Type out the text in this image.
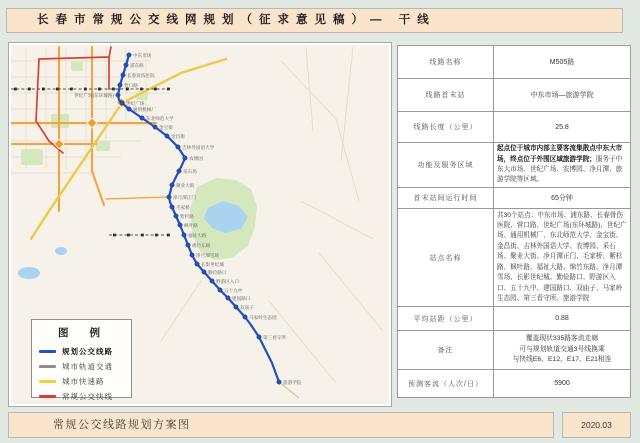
长春市常规公交线网规划（征求意见稿）— 干线
中东市场
浦东路
长春骨伤医院
营口路
世纪广场(东环城路)
世纪广场
通用机械厂
东北师范大学
金宝街
金昌街
吉林外国语大学
农博园
采石场
聚业大街
净月潭正门
毛家桥
紫杉路
枫叶路
福祉大路
绵竹东路
净月潭雪场
长影世纪城
勤俭路口
野游区入口
五十九中
建国路口
双庙子
马家岭生态园
第三看守所
旅游学院
图 例
规划公交线路
城市轨道交通
城市快速路
常规公交快线
线路名称	M505路
线路首末站	中东市场—旅游学院
线路长度（公里）	25.8
功能及服务区域	起点位于城市内部主要客流集散点中东大市场，终点位于外围区域旅游学院；服务于中东大市场、世纪广场、农博园、净月潭、旅游学院等区域。
首末站间运行时间	65分钟
站点名称	共30个站点：中东市场、浦东路、长春骨伤医院、营口路、世纪广场(东环城路)、世纪广场、通用机械厂、东北师范大学、金宝街、金昌街、吉林外国语大学、农博园、采石场、聚业大街、净月潭正门、毛家桥、紫杉路、枫叶路、福祉大路、绵竹东路、净月潭雪场、长影世纪城、勤俭路口、野游区入口、五十九中、建国路口、双庙子、马家岭生态园、第三看守所、旅游学院
平均站距（公里）	0.88
备注	覆盖现状335路客流走廊
可与规划轨道交通3号线换乘
与快线E6、E12、E17、E21相连

预测客流（人次/日）	5900
常规公交线路规划方案图	2020.03
